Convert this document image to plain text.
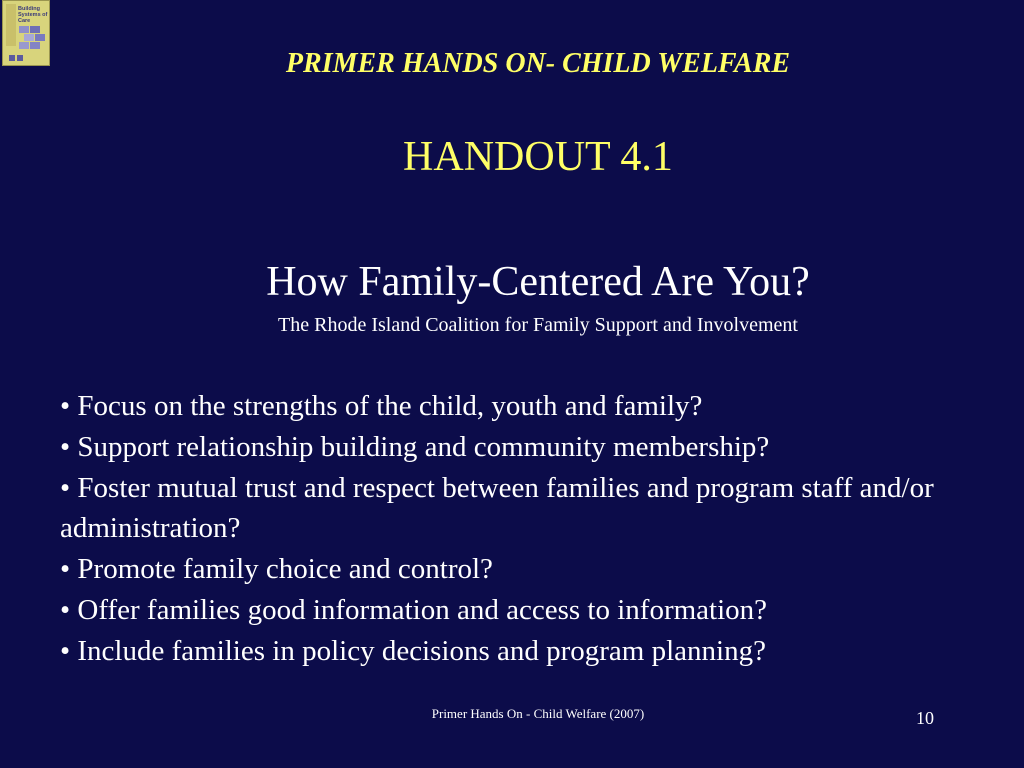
Building
Systems of
Care
PRIMER HANDS ON- CHILD WELFARE
HANDOUT 4.1
How Family-Centered Are You?
The Rhode Island Coalition for Family Support and Involvement
• Focus on the strengths of the child, youth and family?
• Support relationship building and community membership?
• Foster mutual trust and respect between families and program staff and/or administration?
• Promote family choice and control?
• Offer families good information and access to information?
• Include families in policy decisions and program planning?
Primer Hands On - Child Welfare (2007)	10
